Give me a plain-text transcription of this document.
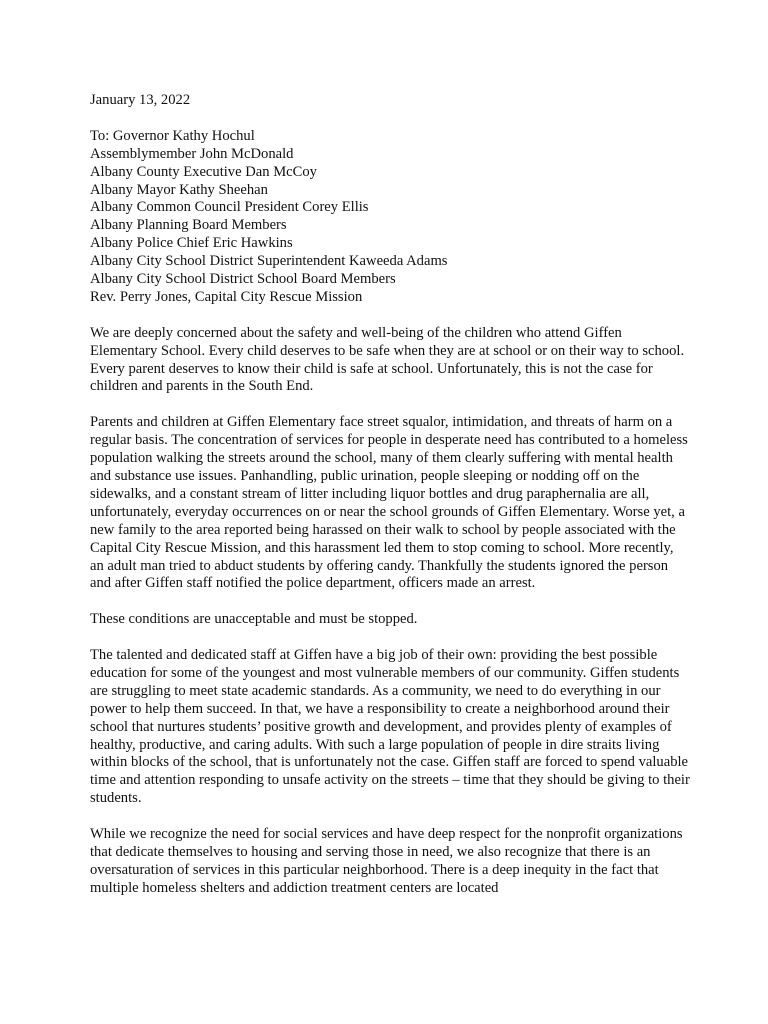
January 13, 2022

To: Governor Kathy Hochul
Assemblymember John McDonald
Albany County Executive Dan McCoy
Albany Mayor Kathy Sheehan
Albany Common Council President Corey Ellis
Albany Planning Board Members
Albany Police Chief Eric Hawkins
Albany City School District Superintendent Kaweeda Adams
Albany City School District School Board Members
Rev. Perry Jones, Capital City Rescue Mission

We are deeply concerned about the safety and well-being of the children who attend Giffen Elementary School. Every child deserves to be safe when they are at school or on their way to school. Every parent deserves to know their child is safe at school. Unfortunately, this is not the case for children and parents in the South End.

Parents and children at Giffen Elementary face street squalor, intimidation, and threats of harm on a regular basis. The concentration of services for people in desperate need has contributed to a homeless population walking the streets around the school, many of them clearly suffering with mental health and substance use issues. Panhandling, public urination, people sleeping or nodding off on the sidewalks, and a constant stream of litter including liquor bottles and drug paraphernalia are all, unfortunately, everyday occurrences on or near the school grounds of Giffen Elementary. Worse yet, a new family to the area reported being harassed on their walk to school by people associated with the Capital City Rescue Mission, and this harassment led them to stop coming to school. More recently, an adult man tried to abduct students by offering candy. Thankfully the students ignored the person and after Giffen staff notified the police department, officers made an arrest.

These conditions are unacceptable and must be stopped.

The talented and dedicated staff at Giffen have a big job of their own: providing the best possible education for some of the youngest and most vulnerable members of our community. Giffen students are struggling to meet state academic standards. As a community, we need to do everything in our power to help them succeed. In that, we have a responsibility to create a neighborhood around their school that nurtures students’ positive growth and development, and provides plenty of examples of healthy, productive, and caring adults. With such a large population of people in dire straits living within blocks of the school, that is unfortunately not the case. Giffen staff are forced to spend valuable time and attention responding to unsafe activity on the streets – time that they should be giving to their students.

While we recognize the need for social services and have deep respect for the nonprofit organizations that dedicate themselves to housing and serving those in need, we also recognize that there is an oversaturation of services in this particular neighborhood. There is a deep inequity in the fact that multiple homeless shelters and addiction treatment centers are located
